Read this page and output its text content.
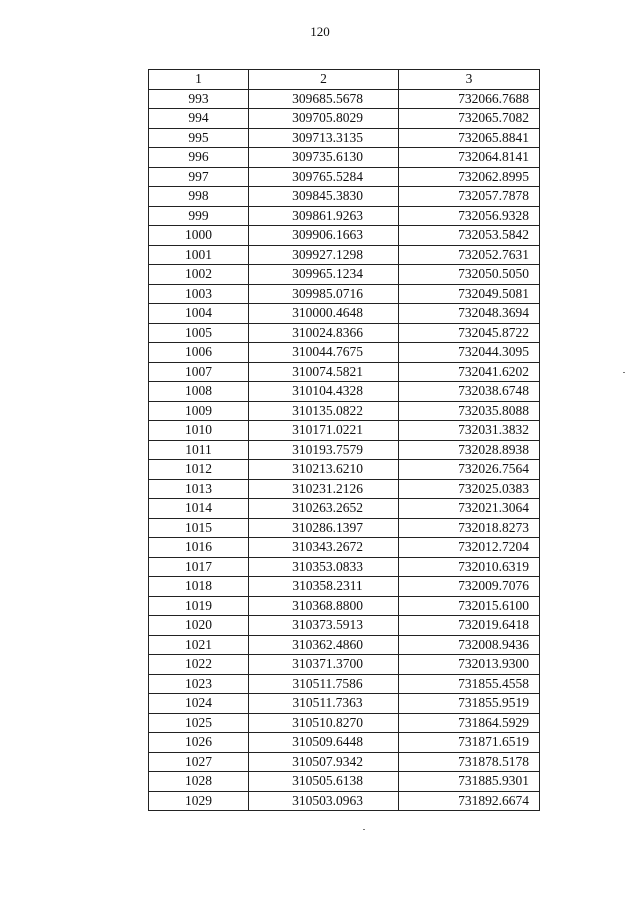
120
1	2	3
993	309685.5678	732066.7688
994	309705.8029	732065.7082
995	309713.3135	732065.8841
996	309735.6130	732064.8141
997	309765.5284	732062.8995
998	309845.3830	732057.7878
999	309861.9263	732056.9328
1000	309906.1663	732053.5842
1001	309927.1298	732052.7631
1002	309965.1234	732050.5050
1003	309985.0716	732049.5081
1004	310000.4648	732048.3694
1005	310024.8366	732045.8722
1006	310044.7675	732044.3095
1007	310074.5821	732041.6202
1008	310104.4328	732038.6748
1009	310135.0822	732035.8088
1010	310171.0221	732031.3832
1011	310193.7579	732028.8938
1012	310213.6210	732026.7564
1013	310231.2126	732025.0383
1014	310263.2652	732021.3064
1015	310286.1397	732018.8273
1016	310343.2672	732012.7204
1017	310353.0833	732010.6319
1018	310358.2311	732009.7076
1019	310368.8800	732015.6100
1020	310373.5913	732019.6418
1021	310362.4860	732008.9436
1022	310371.3700	732013.9300
1023	310511.7586	731855.4558
1024	310511.7363	731855.9519
1025	310510.8270	731864.5929
1026	310509.6448	731871.6519
1027	310507.9342	731878.5178
1028	310505.6138	731885.9301
1029	310503.0963	731892.6674
